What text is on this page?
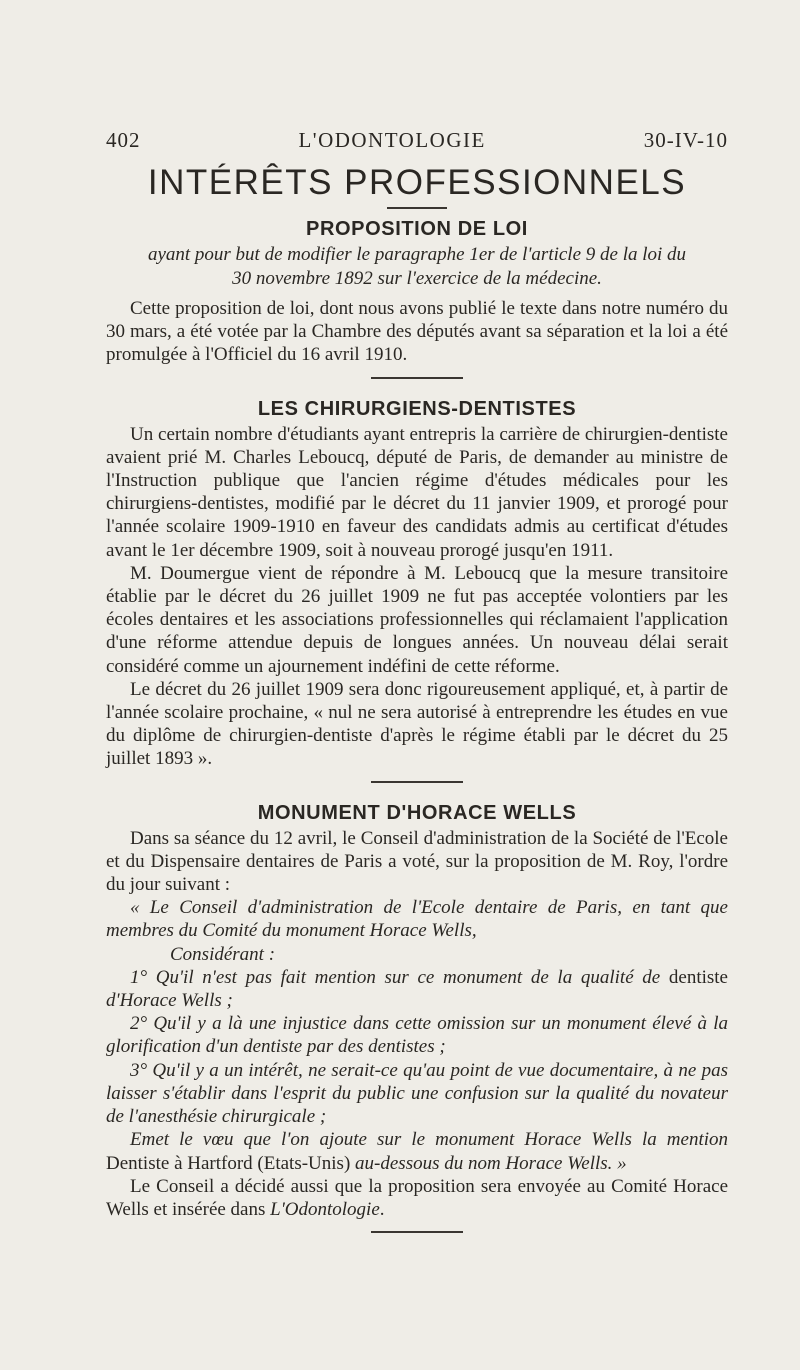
402	L'ODONTOLOGIE	30-IV-10
INTÉRÊTS PROFESSIONNELS
PROPOSITION DE LOI
ayant pour but de modifier le paragraphe 1er de l'article 9 de la loi du
30 novembre 1892 sur l'exercice de la médecine.

Cette proposition de loi, dont nous avons publié le texte dans notre numéro du 30 mars, a été votée par la Chambre des députés avant sa séparation et la loi a été promulgée à l'Officiel du 16 avril 1910.

LES CHIRURGIENS-DENTISTES

Un certain nombre d'étudiants ayant entrepris la carrière de chirurgien-dentiste avaient prié M. Charles Leboucq, député de Paris, de demander au ministre de l'Instruction publique que l'ancien régime d'études médicales pour les chirurgiens-dentistes, modifié par le décret du 11 janvier 1909, et prorogé pour l'année scolaire 1909-1910 en faveur des candidats admis au certificat d'études avant le 1er décembre 1909, soit à nouveau prorogé jusqu'en 1911.

M. Doumergue vient de répondre à M. Leboucq que la mesure transitoire établie par le décret du 26 juillet 1909 ne fut pas acceptée volontiers par les écoles dentaires et les associations professionnelles qui réclamaient l'application d'une réforme attendue depuis de longues années. Un nouveau délai serait considéré comme un ajournement indéfini de cette réforme.

Le décret du 26 juillet 1909 sera donc rigoureusement appliqué, et, à partir de l'année scolaire prochaine, « nul ne sera autorisé à entreprendre les études en vue du diplôme de chirurgien-dentiste d'après le régime établi par le décret du 25 juillet 1893 ».

MONUMENT D'HORACE WELLS

Dans sa séance du 12 avril, le Conseil d'administration de la Société de l'Ecole et du Dispensaire dentaires de Paris a voté, sur la proposition de M. Roy, l'ordre du jour suivant :

« Le Conseil d'administration de l'Ecole dentaire de Paris, en tant que membres du Comité du monument Horace Wells,

Considérant :

1° Qu'il n'est pas fait mention sur ce monument de la qualité de dentiste d'Horace Wells ;

2° Qu'il y a là une injustice dans cette omission sur un monument élevé à la glorification d'un dentiste par des dentistes ;

3° Qu'il y a un intérêt, ne serait-ce qu'au point de vue documentaire, à ne pas laisser s'établir dans l'esprit du public une confusion sur la qualité du novateur de l'anesthésie chirurgicale ;

Emet le vœu que l'on ajoute sur le monument Horace Wells la mention Dentiste à Hartford (Etats-Unis) au-dessous du nom Horace Wells. »

Le Conseil a décidé aussi que la proposition sera envoyée au Comité Horace Wells et insérée dans L'Odontologie.
